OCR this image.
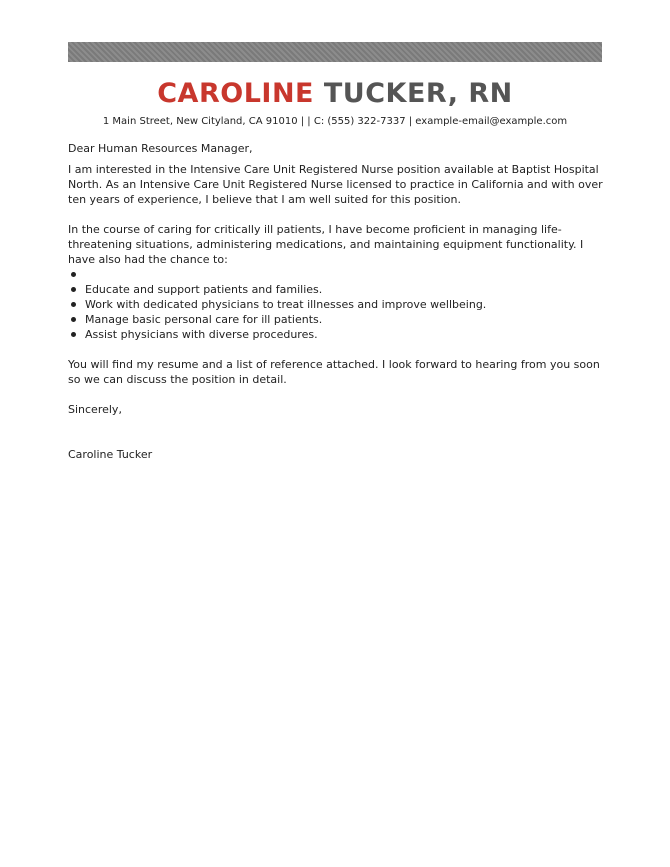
CAROLINE TUCKER, RN
1 Main Street, New Cityland, CA 91010 | | C: (555) 322-7337 | example-email@example.com

Dear Human Resources Manager,

I am interested in the Intensive Care Unit Registered Nurse position available at Baptist Hospital North. As an Intensive Care Unit Registered Nurse licensed to practice in California and with over ten years of experience, I believe that I am well suited for this position.

In the course of caring for critically ill patients, I have become proficient in managing life-threatening situations, administering medications, and maintaining equipment functionality. I have also had the chance to:

Educate and support patients and families.
Work with dedicated physicians to treat illnesses and improve wellbeing.
Manage basic personal care for ill patients.
Assist physicians with diverse procedures.

You will find my resume and a list of reference attached. I look forward to hearing from you soon so we can discuss the position in detail.

Sincerely,

Caroline Tucker
